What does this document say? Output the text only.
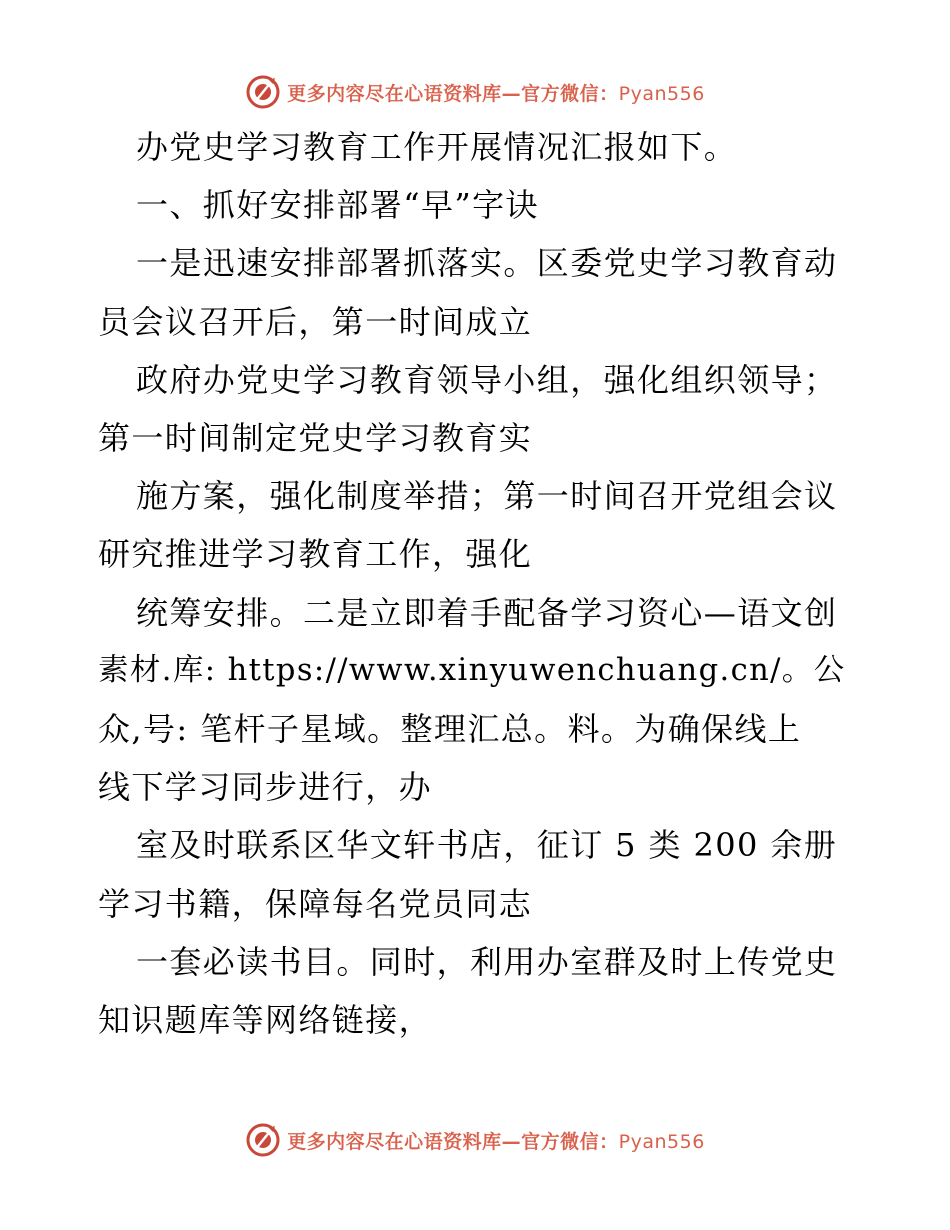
更多内容尽在心语资料库—官方微信：Pyan556
办党史学习教育工作开展情况汇报如下。
一、抓好安排部署“早”字诀
一是迅速安排部署抓落实。区委党史学习教育动
员会议召开后，第一时间成立
政府办党史学习教育领导小组，强化组织领导；
第一时间制定党史学习教育实
施方案，强化制度举措；第一时间召开党组会议
研究推进学习教育工作，强化
统筹安排。二是立即着手配备学习资心—语文创
素材.库: https://www.xinyuwenchuang.cn/。公
众,号: 笔杆子星域。整理汇总。料。为确保线上
线下学习同步进行，办
室及时联系区华文轩书店，征订 5 类 200 余册
学习书籍，保障每名党员同志
一套必读书目。同时，利用办室群及时上传党史
知识题库等网络链接，
更多内容尽在心语资料库—官方微信：Pyan556
